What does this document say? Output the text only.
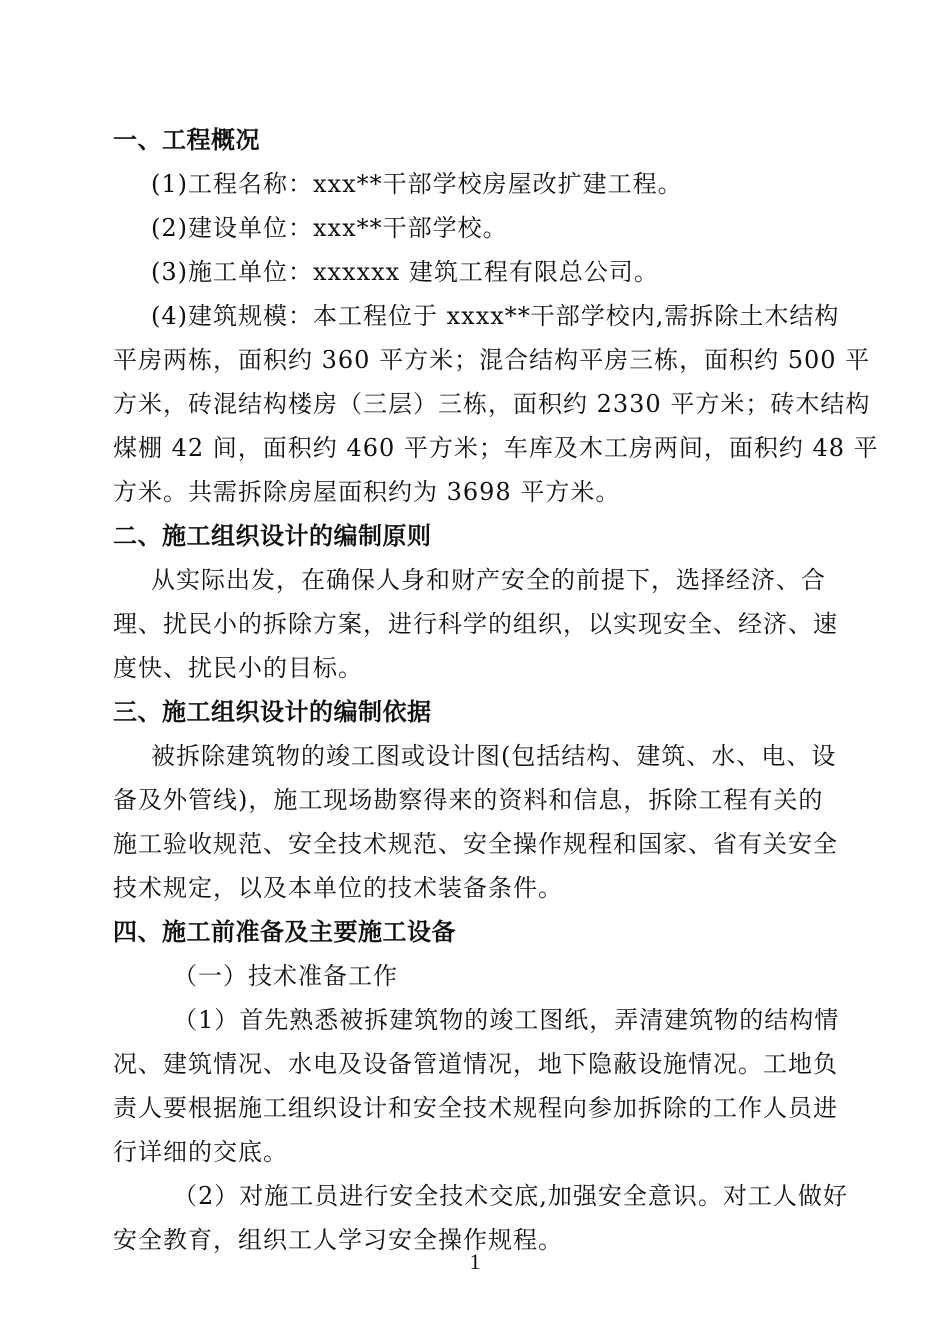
一、工程概况
(1)工程名称：xxx**干部学校房屋改扩建工程。
(2)建设单位：xxx**干部学校。
(3)施工单位：xxxxxx 建筑工程有限总公司。
(4)建筑规模：本工程位于 xxxx**干部学校内,需拆除土木结构
平房两栋，面积约 360 平方米；混合结构平房三栋，面积约 500 平
方米，砖混结构楼房（三层）三栋，面积约 2330 平方米；砖木结构
煤棚 42 间，面积约 460 平方米；车库及木工房两间，面积约 48 平
方米。共需拆除房屋面积约为 3698 平方米。
二、施工组织设计的编制原则
从实际出发，在确保人身和财产安全的前提下，选择经济、合
理、扰民小的拆除方案，进行科学的组织，以实现安全、经济、速
度快、扰民小的目标。
三、施工组织设计的编制依据
被拆除建筑物的竣工图或设计图(包括结构、建筑、水、电、设
备及外管线)，施工现场勘察得来的资料和信息，拆除工程有关的
施工验收规范、安全技术规范、安全操作规程和国家、省有关安全
技术规定，以及本单位的技术装备条件。
四、施工前准备及主要施工设备
（一）技术准备工作
（1）首先熟悉被拆建筑物的竣工图纸，弄清建筑物的结构情
况、建筑情况、水电及设备管道情况，地下隐蔽设施情况。工地负
责人要根据施工组织设计和安全技术规程向参加拆除的工作人员进
行详细的交底。
（2）对施工员进行安全技术交底,加强安全意识。对工人做好
安全教育，组织工人学习安全操作规程。
1
